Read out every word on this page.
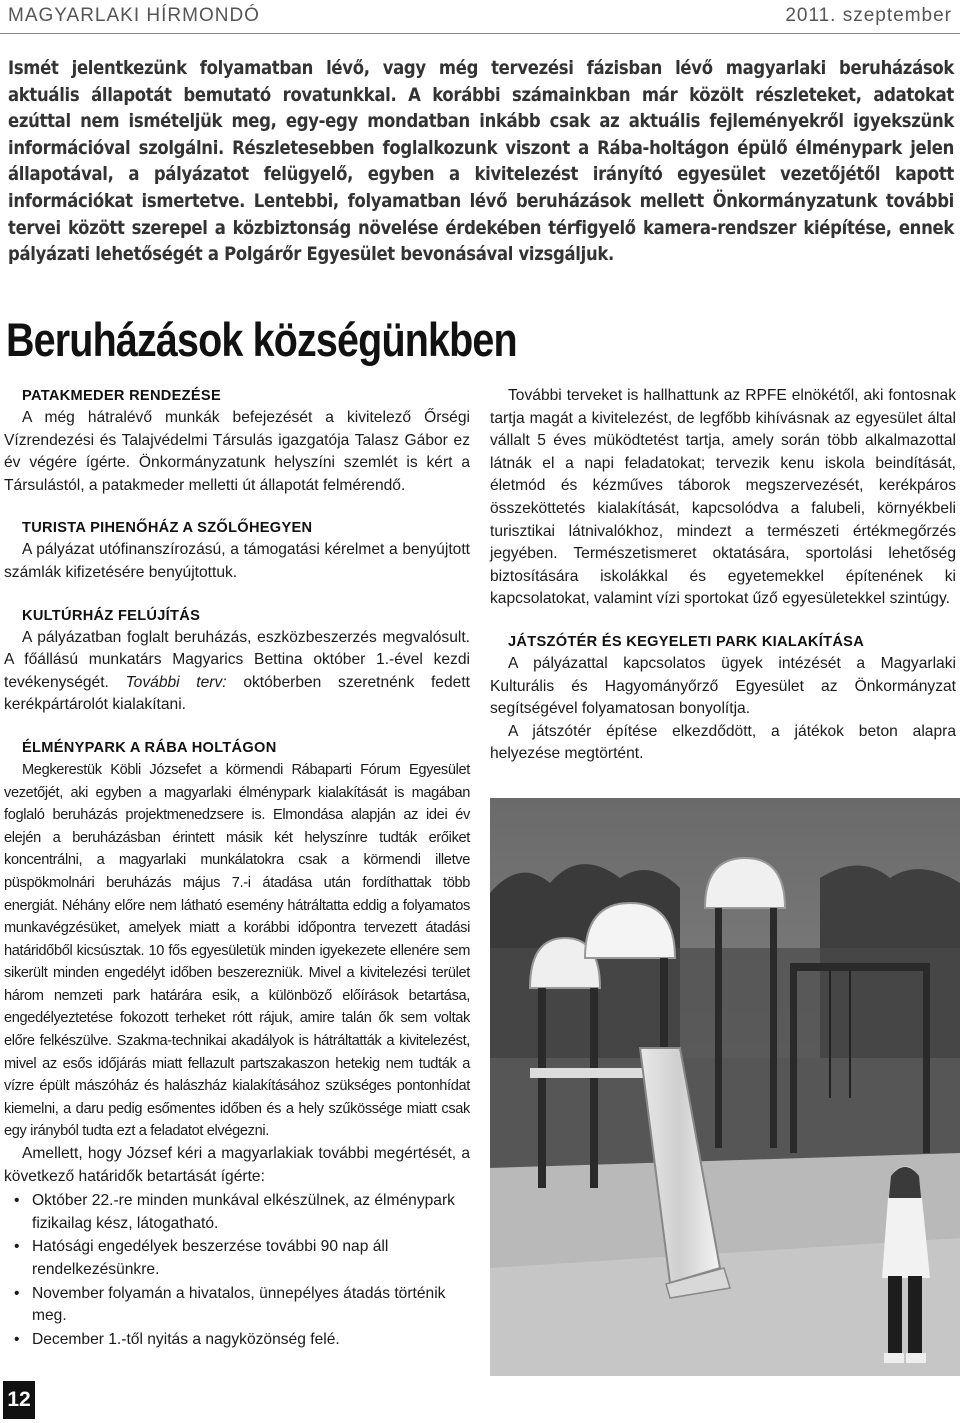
MAGYARLAKI HÍRMONDÓ	2011. szeptember
Ismét jelentkezünk folyamatban lévő, vagy még tervezési fázisban lévő magyarlaki beruházások aktuális állapotát bemutató rovatunkkal. A korábbi számainkban már közölt részleteket, adatokat ezúttal nem ismételjük meg, egy-egy mondatban inkább csak az aktuális fejleményekről igyekszünk információval szolgálni. Részletesebben foglalkozunk viszont a Rába-holtágon épülő élménypark jelen állapotával, a pályázatot felügyelő, egyben a kivitelezést irányító egyesület vezetőjétől kapott információkat ismertetve. Lentebbi, folyamatban lévő beruházások mellett Önkormányzatunk további tervei között szerepel a közbiztonság növelése érdekében térfigyelő kamera-rendszer kiépítése, ennek pályázati lehetőségét a Polgárőr Egyesület bevonásával vizsgáljuk.
Beruházások községünkben
PATAKMEDER RENDEZÉSE

A még hátralévő munkák befejezését a kivitelező Őrségi Vízrendezési és Talajvédelmi Társulás igazgatója Talasz Gábor ez év végére ígérte. Önkormányzatunk helyszíni szemlét is kért a Társulástól, a patakmeder melletti út állapotát felmérendő.

TURISTA PIHENŐHÁZ A SZŐLŐHEGYEN

A pályázat utófinanszírozású, a támogatási kérelmet a benyújtott számlák kifizetésére benyújtottuk.

KULTÚRHÁZ FELÚJÍTÁS

A pályázatban foglalt beruházás, eszközbeszerzés megvalósult. A főállású munkatárs Magyarics Bettina október 1.-ével kezdi tevékenységét. További terv: októberben szeretnénk fedett kerékpártárolót kialakítani.

ÉLMÉNYPARK A RÁBA HOLTÁGON

Megkerestük Köbli Józsefet a körmendi Rábaparti Fórum Egyesület vezetőjét, aki egyben a magyarlaki élménypark kialakítását is magában foglaló beruházás projektmenedzsere is. Elmondása alapján az idei év elején a beruházásban érintett másik két helyszínre tudták erőiket koncentrálni, a magyarlaki munkálatokra csak a körmendi illetve püspökmolnári beruházás május 7.-i átadása után fordíthattak több energiát. Néhány előre nem látható esemény hátráltatta eddig a folyamatos munkavégzésüket, amelyek miatt a korábbi időpontra tervezett átadási határidőből kicsúsztak. 10 fős egyesületük minden igyekezete ellenére sem sikerült minden engedélyt időben beszerezniük. Mivel a kivitelezési terület három nemzeti park határára esik, a különböző előírások betartása, engedélyeztetése fokozott terheket rótt rájuk, amire talán ők sem voltak előre felkészülve. Szakma-technikai akadályok is hátráltatták a kivitelezést, mivel az esős időjárás miatt fellazult partszakaszon hetekig nem tudták a vízre épült mászóház és halászház kialakításához szükséges pontonhídat kiemelni, a daru pedig esőmentes időben és a hely szűkössége miatt csak egy irányból tudta ezt a feladatot elvégezni.

Amellett, hogy József kéri a magyarlakiak további megértését, a következő határidők betartását ígérte:

• Október 22.-re minden munkával elkészülnek, az élménypark fizikailag kész, látogatható.
• Hatósági engedélyek beszerzése további 90 nap áll rendelkezésünkre.
• November folyamán a hivatalos, ünnepélyes átadás történik meg.
• December 1.-től nyitás a nagyközönség felé.

További terveket is hallhattunk az RPFE elnökétől, aki fontosnak tartja magát a kivitelezést, de legfőbb kihívásnak az egyesület által vállalt 5 éves müködtetést tartja, amely során több alkalmazottal látnák el a napi feladatokat; tervezik kenu iskola beindítását, életmód és kézműves táborok megszervezését, kerékpáros összeköttetés kialakítását, kapcsolódva a falubeli, környékbeli turisztikai látnivalókhoz, mindezt a természeti értékmegőrzés jegyében. Természetismeret oktatására, sportolási lehetőség biztosítására iskolákkal és egyetemekkel építenének ki kapcsolatokat, valamint vízi sportokat űző egyesületekkel szintúgy.

JÁTSZÓTÉR ÉS KEGYELETI PARK KIALAKÍTÁSA

A pályázattal kapcsolatos ügyek intézését a Magyarlaki Kulturális és Hagyományőrző Egyesület az Önkormányzat segítségével folyamatosan bonyolítja.

A játszótér építése elkezdődött, a játékok beton alapra helyezése megtörtént.

12
